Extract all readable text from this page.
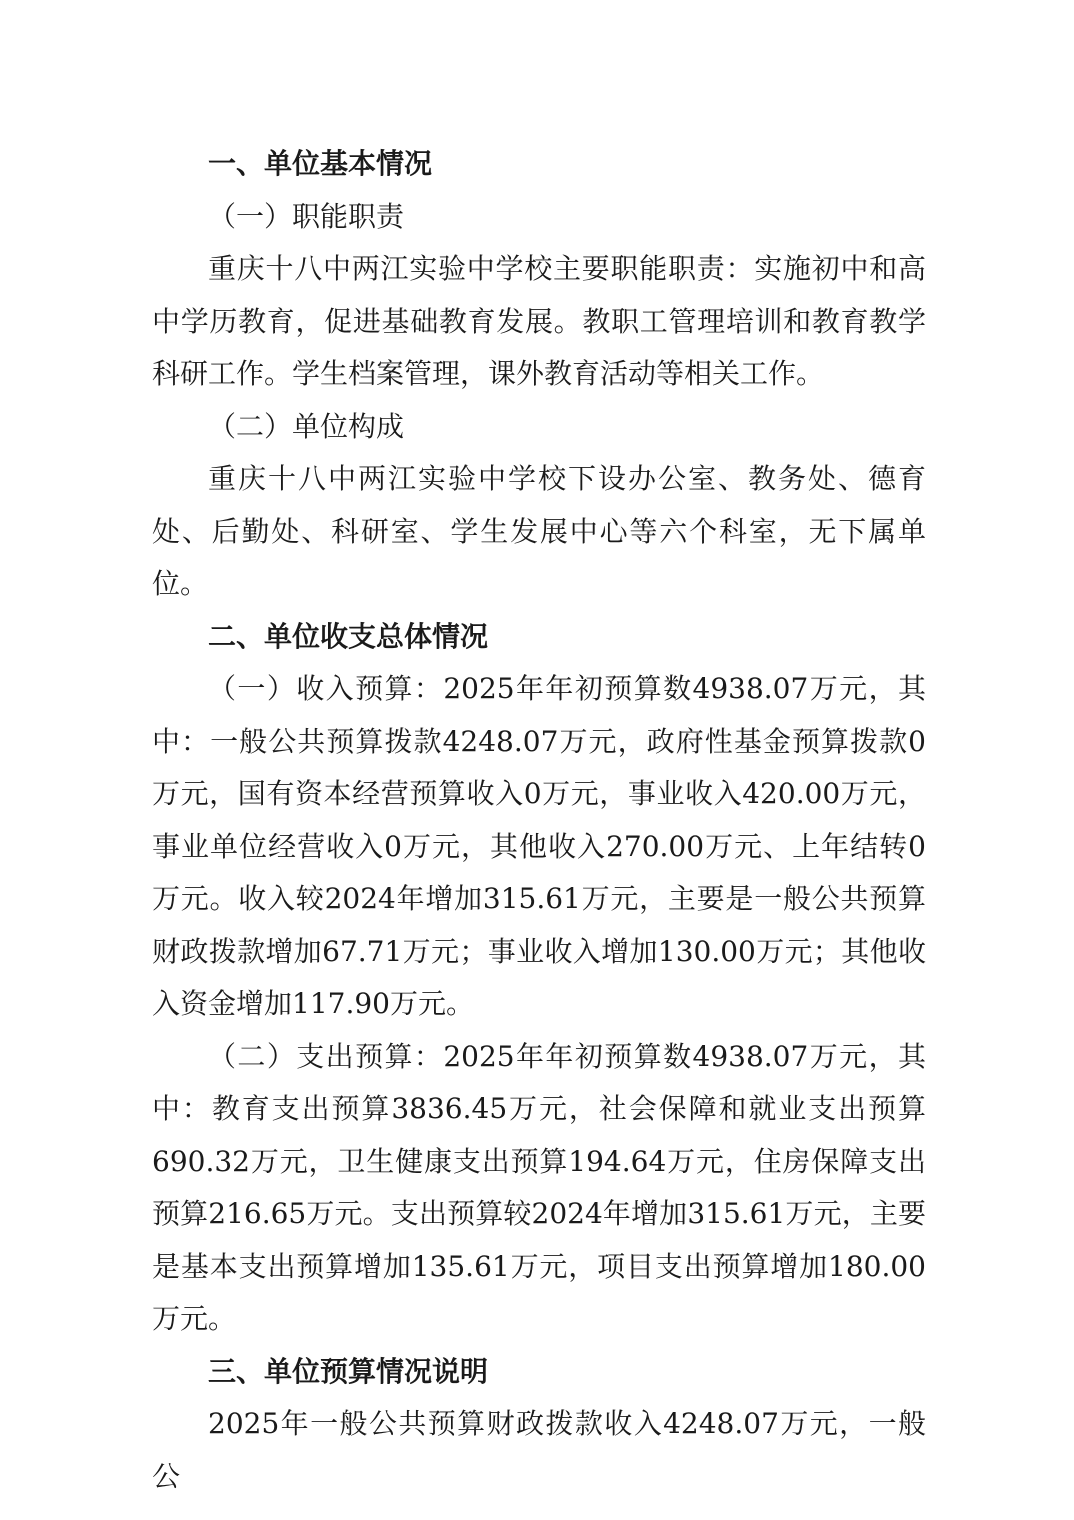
一、单位基本情况

（一）职能职责

重庆十八中两江实验中学校主要职能职责：实施初中和高中学历教育，促进基础教育发展。教职工管理培训和教育教学科研工作。学生档案管理，课外教育活动等相关工作。

（二）单位构成

重庆十八中两江实验中学校下设办公室、教务处、德育处、后勤处、科研室、学生发展中心等六个科室，无下属单位。

二、单位收支总体情况

（一）收入预算：2025年年初预算数4938.07万元，其中：一般公共预算拨款4248.07万元，政府性基金预算拨款0万元，国有资本经营预算收入0万元，事业收入420.00万元，事业单位经营收入0万元，其他收入270.00万元、上年结转0万元。收入较2024年增加315.61万元，主要是一般公共预算财政拨款增加67.71万元；事业收入增加130.00万元；其他收入资金增加117.90万元。

（二）支出预算：2025年年初预算数4938.07万元，其中：教育支出预算3836.45万元，社会保障和就业支出预算690.32万元，卫生健康支出预算194.64万元，住房保障支出预算216.65万元。支出预算较2024年增加315.61万元，主要是基本支出预算增加135.61万元，项目支出预算增加180.00万元。

三、单位预算情况说明

2025年一般公共预算财政拨款收入4248.07万元，一般公
